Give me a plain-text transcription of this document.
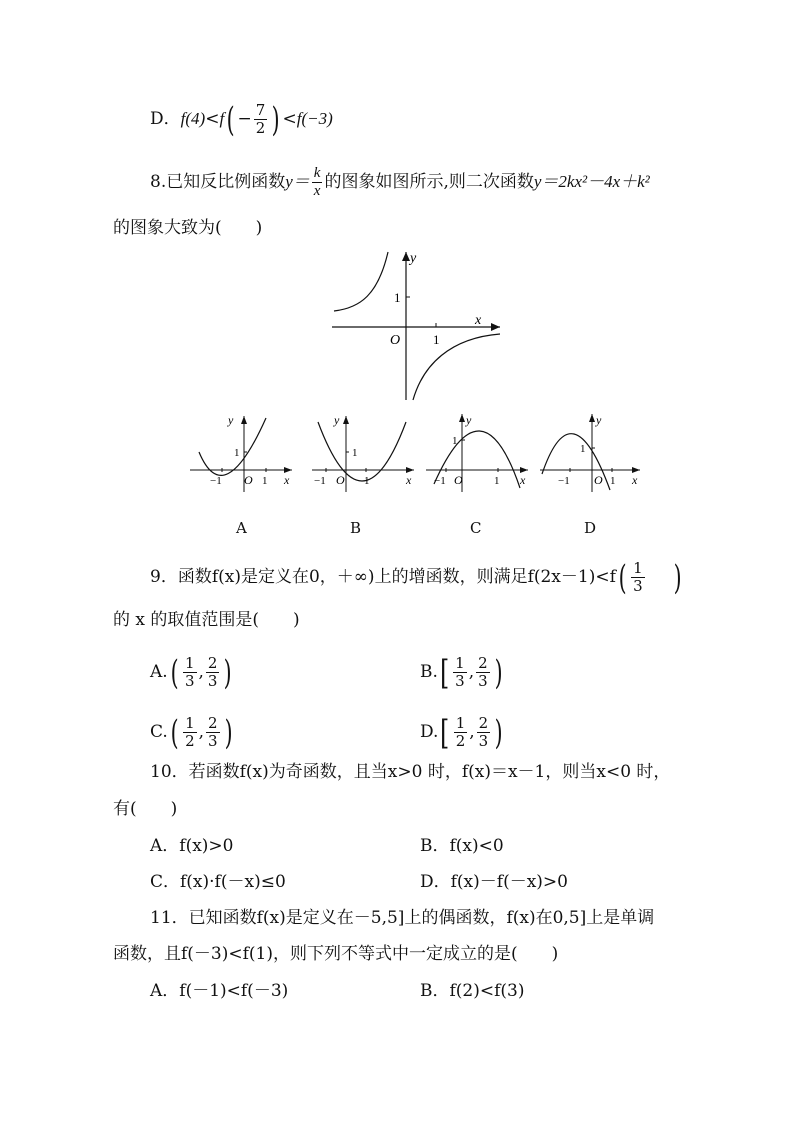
D．$f(4)<f( - \frac{7}{2}$ ) <f(−3)
8.已知反比例函数$y= \frac{k}{x}$ 的图象如图所示,则二次函数y＝2kx²－4x＋k²
的图象大致为(　　)
y
x
O	1
1
y
x
O 1
−1
1
A
y
x
O 1
−1
1
B
y
x
O	1
−1
1
C
y
x
O 1
−1
1
D
9．函数f(x)是定义在0，＋∞)上的增函数，则满足$f(2x-1)<f( \frac{1}{3}$ )
的 x 的取值范围是(　　)
$A.( \frac{1}{3}$ , $\frac{2}{3}$ )	$B.[ \frac{1}{3}$ , $\frac{2}{3}$ )
$C.( \frac{1}{2}$ , $\frac{2}{3}$ )	$D.[ \frac{1}{2}$ , $\frac{2}{3}$ )
10．若函数f(x)为奇函数，且当x>0 时，f(x)＝x－1，则当x<0 时，
有(　　)
A．f(x)>0	B．f(x)<0
C．f(x)·f(－x)≤0	D．f(x)－f(－x)>0
11．已知函数f(x)是定义在－5,5]上的偶函数，f(x)在0,5]上是单调
函数，且f(－3)<f(1)，则下列不等式中一定成立的是(　　)
A．f(－1)<f(－3)	B．f(2)<f(3)
